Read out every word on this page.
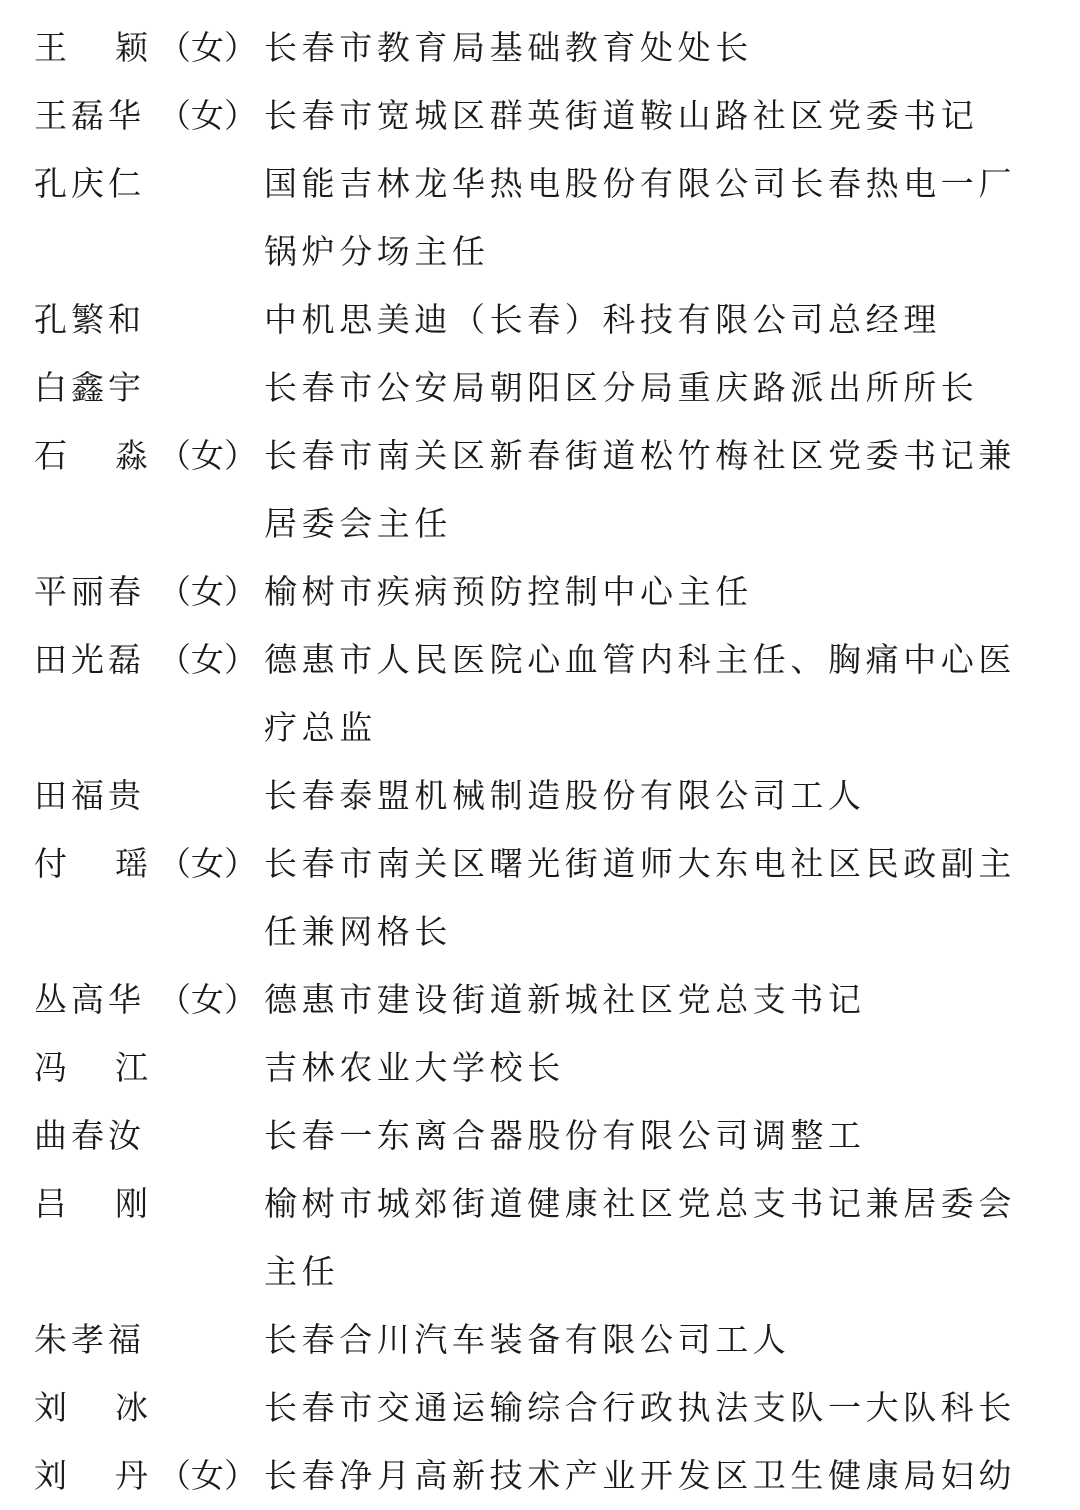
王 颖 （女） 长春市教育局基础教育处处长
王磊华 （女） 长春市宽城区群英街道鞍山路社区党委书记
孔庆仁	国能吉林龙华热电股份有限公司长春热电一厂
锅炉分场主任
孔繁和	中机思美迪（长春）科技有限公司总经理
白鑫宇	长春市公安局朝阳区分局重庆路派出所所长
石 淼 （女） 长春市南关区新春街道松竹梅社区党委书记兼
居委会主任
平丽春 （女） 榆树市疾病预防控制中心主任
田光磊 （女） 德惠市人民医院心血管内科主任、胸痛中心医
疗总监
田福贵	长春泰盟机械制造股份有限公司工人
付 瑶 （女） 长春市南关区曙光街道师大东电社区民政副主
任兼网格长
丛高华 （女） 德惠市建设街道新城社区党总支书记
冯 江	吉林农业大学校长
曲春汝	长春一东离合器股份有限公司调整工
吕 刚	榆树市城郊街道健康社区党总支书记兼居委会
主任
朱孝福	长春合川汽车装备有限公司工人
刘 冰	长春市交通运输综合行政执法支队一大队科长
刘 丹 （女） 长春净月高新技术产业开发区卫生健康局妇幼
